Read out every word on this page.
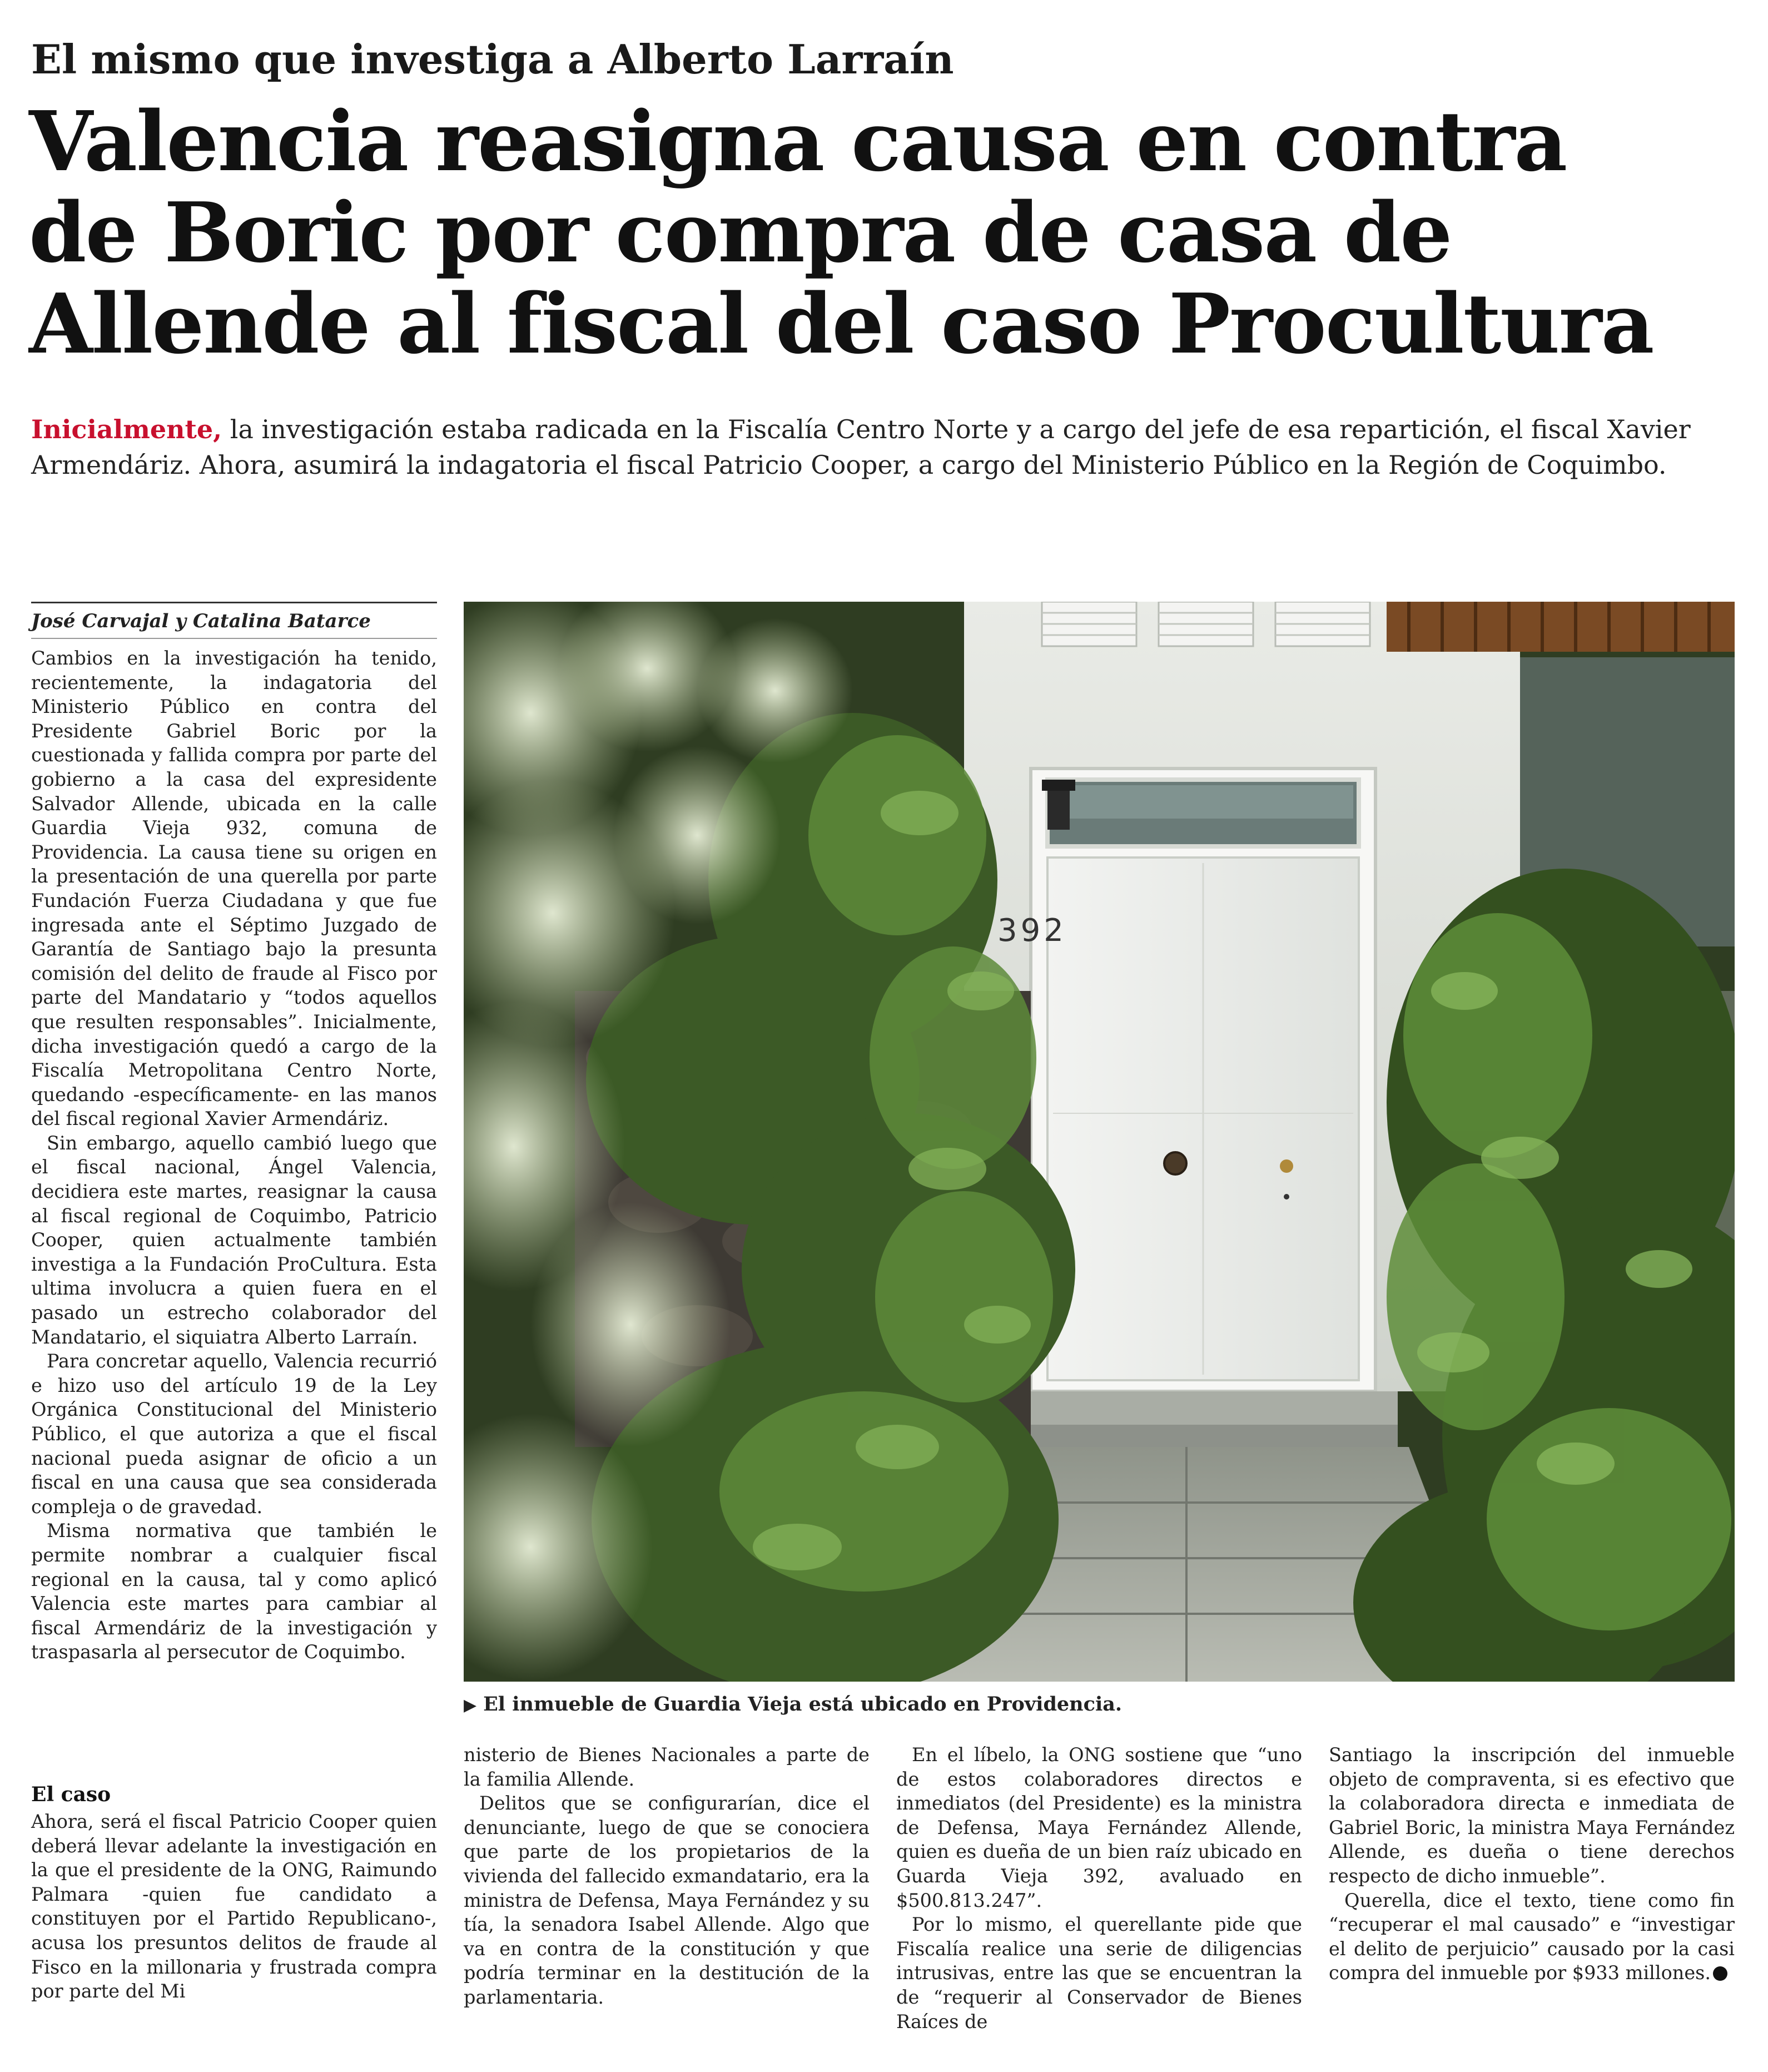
El mismo que investiga a Alberto Larraín
Valencia reasigna causa en contra
de Boric por compra de casa de
Allende al fiscal del caso Procultura
Inicialmente, la investigación estaba radicada en la Fiscalía Centro Norte y a cargo del jefe de esa repartición, el fiscal Xavier Armendáriz. Ahora, asumirá la indagatoria el fiscal Patricio Cooper, a cargo del Ministerio Público en la Región de Coquimbo.
José Carvajal y Catalina Batarce

Cambios en la investigación ha tenido, recientemente, la indagatoria del Ministerio Público en contra del Presidente Gabriel Boric por la cuestionada y fallida compra por parte del gobierno a la casa del expresidente Salvador Allende, ubicada en la calle Guardia Vieja 932, comuna de Providencia. La causa tiene su origen en la presentación de una querella por parte Fundación Fuerza Ciudadana y que fue ingresada ante el Séptimo Juzgado de Garantía de Santiago bajo la presunta comisión del delito de fraude al Fisco por parte del Mandatario y “todos aquellos que resulten responsables”. Inicialmente, dicha investigación quedó a cargo de la Fiscalía Metropolitana Centro Norte, quedando -específicamente- en las manos del fiscal regional Xavier Armendáriz.

Sin embargo, aquello cambió luego que el fiscal nacional, Ángel Valencia, decidiera este martes, reasignar la causa al fiscal regional de Coquimbo, Patricio Cooper, quien actualmente también investiga a la Fundación ProCultura. Esta ultima involucra a quien fuera en el pasado un estrecho colaborador del Mandatario, el siquiatra Alberto Larraín.

Para concretar aquello, Valencia recurrió e hizo uso del artículo 19 de la Ley Orgánica Constitucional del Ministerio Público, el que autoriza a que el fiscal nacional pueda asignar de oficio a un fiscal en una causa que sea considerada compleja o de gravedad.

Misma normativa que también le permite nombrar a cualquier fiscal regional en la causa, tal y como aplicó Valencia este martes para cambiar al fiscal Armendáriz de la investigación y traspasarla al persecutor de Coquimbo.

El caso

Ahora, será el fiscal Patricio Cooper quien deberá llevar adelante la investigación en la que el presidente de la ONG, Raimundo Palmara -quien fue candidato a constituyen por el Partido Republicano-, acusa los presuntos delitos de fraude al Fisco en la millonaria y frustrada compra por parte del Mi

392
▶ El inmueble de Guardia Vieja está ubicado en Providencia.

nisterio de Bienes Nacionales a parte de la familia Allende.

Delitos que se configurarían, dice el denunciante, luego de que se conociera que parte de los propietarios de la vivienda del fallecido exmandatario, era la ministra de Defensa, Maya Fernández y su tía, la senadora Isabel Allende. Algo que va en contra de la constitución y que podría terminar en la destitución de la parlamentaria.

En el líbelo, la ONG sostiene que “uno de estos colaboradores directos e inmediatos (del Presidente) es la ministra de Defensa, Maya Fernández Allende, quien es dueña de un bien raíz ubicado en Guarda Vieja 392, avaluado en $500.813.247”.

Por lo mismo, el querellante pide que Fiscalía realice una serie de diligencias intrusivas, entre las que se encuentran la de “requerir al Conservador de Bienes Raíces de

Santiago la inscripción del inmueble objeto de compraventa, si es efectivo que la colaboradora directa e inmediata de Gabriel Boric, la ministra Maya Fernández Allende, es dueña o tiene derechos respecto de dicho inmueble”.

Querella, dice el texto, tiene como fin “recuperar el mal causado” e “investigar el delito de perjuicio” causado por la casi compra del inmueble por $933 millones.
